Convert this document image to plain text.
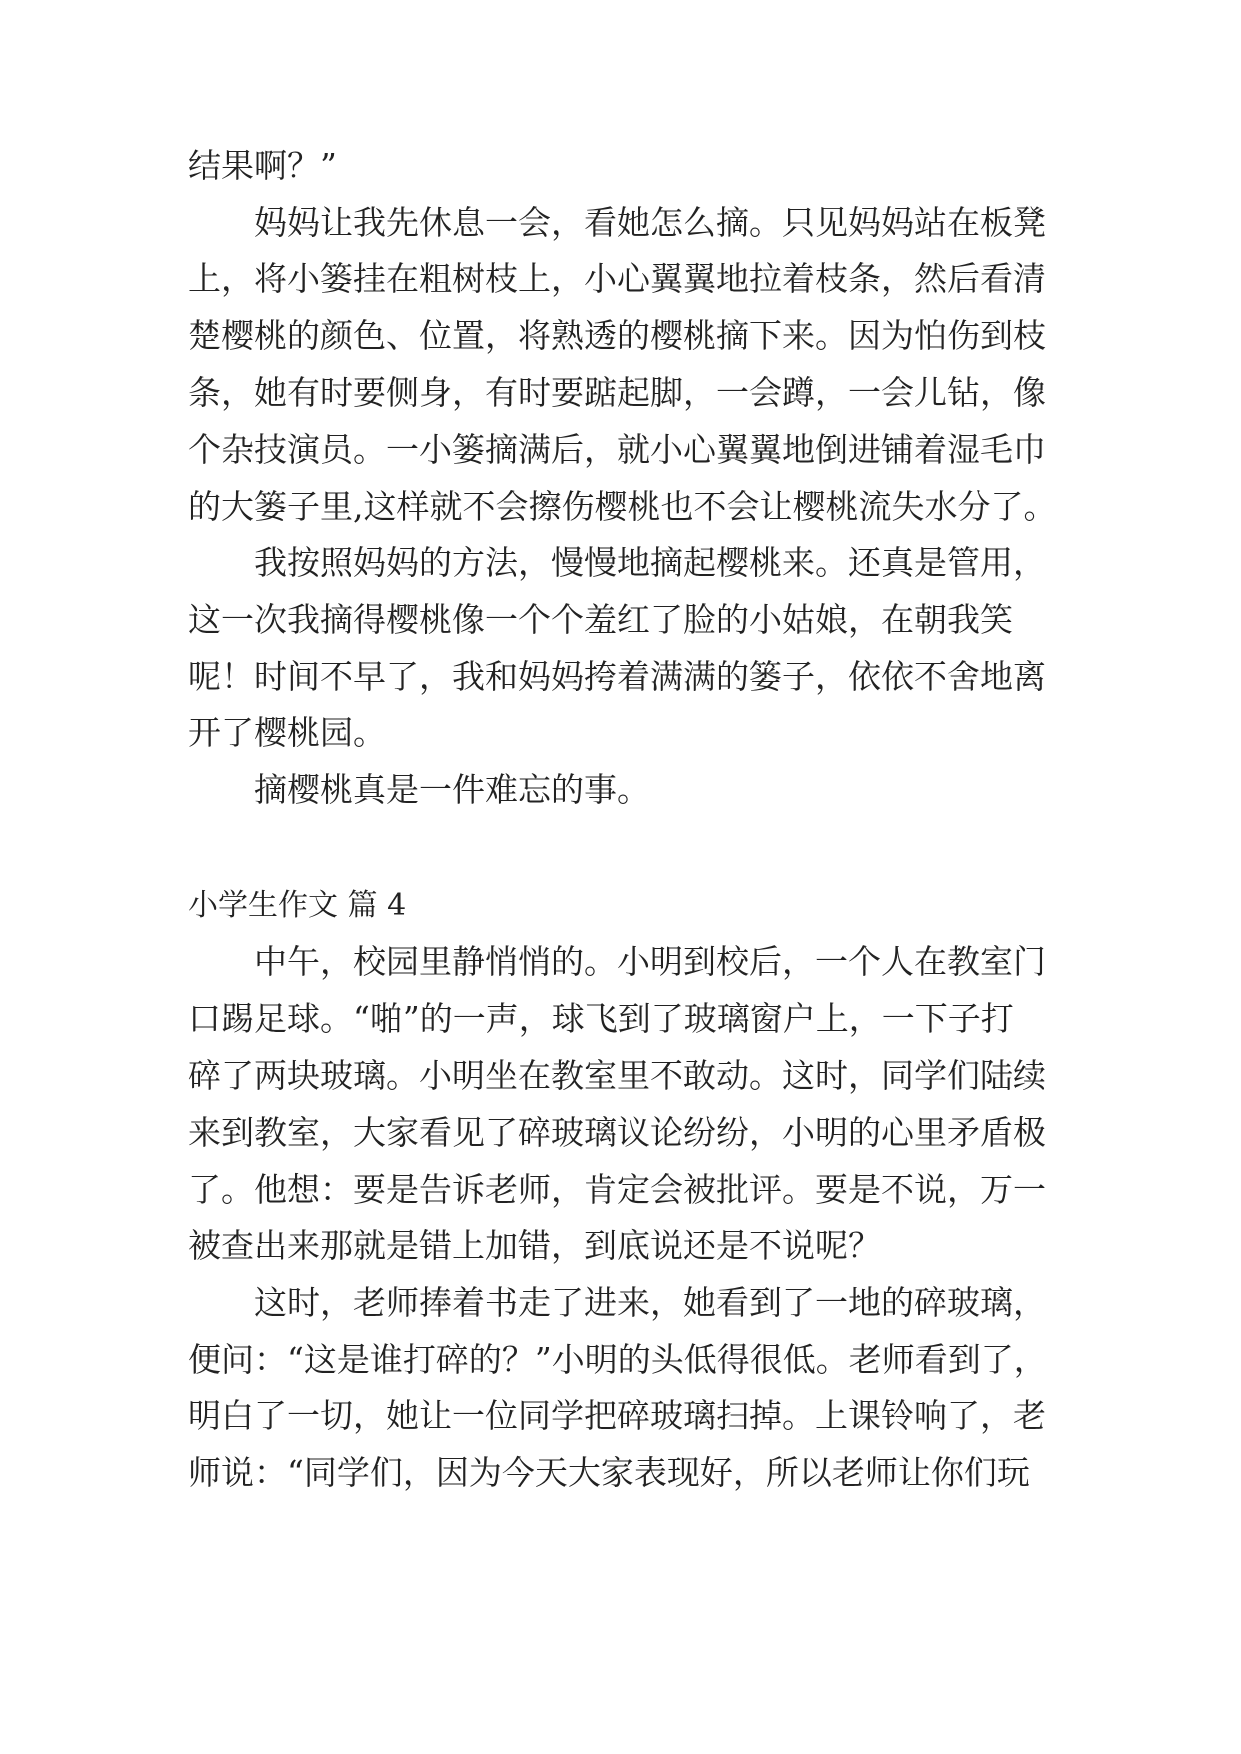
结果啊？”
妈妈让我先休息一会，看她怎么摘。只见妈妈站在板凳
上，将小篓挂在粗树枝上，小心翼翼地拉着枝条，然后看清
楚樱桃的颜色、位置，将熟透的樱桃摘下来。因为怕伤到枝
条，她有时要侧身，有时要踮起脚，一会蹲，一会儿钻，像
个杂技演员。一小篓摘满后，就小心翼翼地倒进铺着湿毛巾
的大篓子里,这样就不会擦伤樱桃也不会让樱桃流失水分了。
我按照妈妈的方法，慢慢地摘起樱桃来。还真是管用，
这一次我摘得樱桃像一个个羞红了脸的小姑娘，在朝我笑
呢！时间不早了，我和妈妈挎着满满的篓子，依依不舍地离
开了樱桃园。
摘樱桃真是一件难忘的事。
小学生作文 篇 4
中午，校园里静悄悄的。小明到校后，一个人在教室门
口踢足球。“啪”的一声，球飞到了玻璃窗户上，一下子打
碎了两块玻璃。小明坐在教室里不敢动。这时，同学们陆续
来到教室，大家看见了碎玻璃议论纷纷，小明的心里矛盾极
了。他想：要是告诉老师，肯定会被批评。要是不说，万一
被查出来那就是错上加错，到底说还是不说呢？
这时，老师捧着书走了进来，她看到了一地的碎玻璃，
便问：“这是谁打碎的？”小明的头低得很低。老师看到了，
明白了一切，她让一位同学把碎玻璃扫掉。上课铃响了，老
师说：“同学们，因为今天大家表现好，所以老师让你们玩
